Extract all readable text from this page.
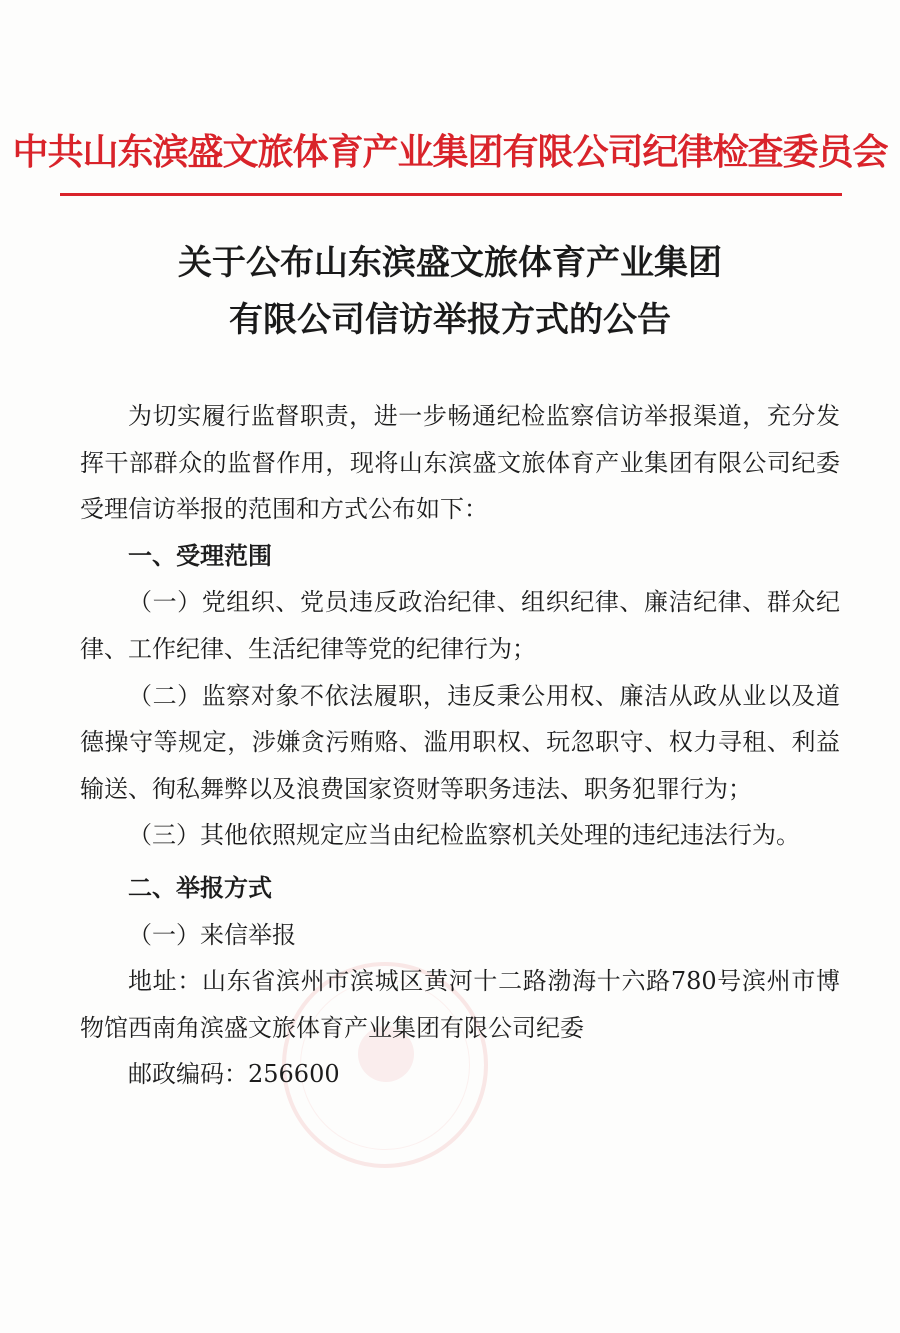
中共山东滨盛文旅体育产业集团有限公司纪律检查委员会
关于公布山东滨盛文旅体育产业集团
有限公司信访举报方式的公告

为切实履行监督职责，进一步畅通纪检监察信访举报渠道，充分发挥干部群众的监督作用，现将山东滨盛文旅体育产业集团有限公司纪委受理信访举报的范围和方式公布如下：

一、受理范围

（一）党组织、党员违反政治纪律、组织纪律、廉洁纪律、群众纪律、工作纪律、生活纪律等党的纪律行为；

（二）监察对象不依法履职，违反秉公用权、廉洁从政从业以及道德操守等规定，涉嫌贪污贿赂、滥用职权、玩忽职守、权力寻租、利益输送、徇私舞弊以及浪费国家资财等职务违法、职务犯罪行为；

（三）其他依照规定应当由纪检监察机关处理的违纪违法行为。

二、举报方式

（一）来信举报

地址：山东省滨州市滨城区黄河十二路渤海十六路780号滨州市博物馆西南角滨盛文旅体育产业集团有限公司纪委

邮政编码：256600
